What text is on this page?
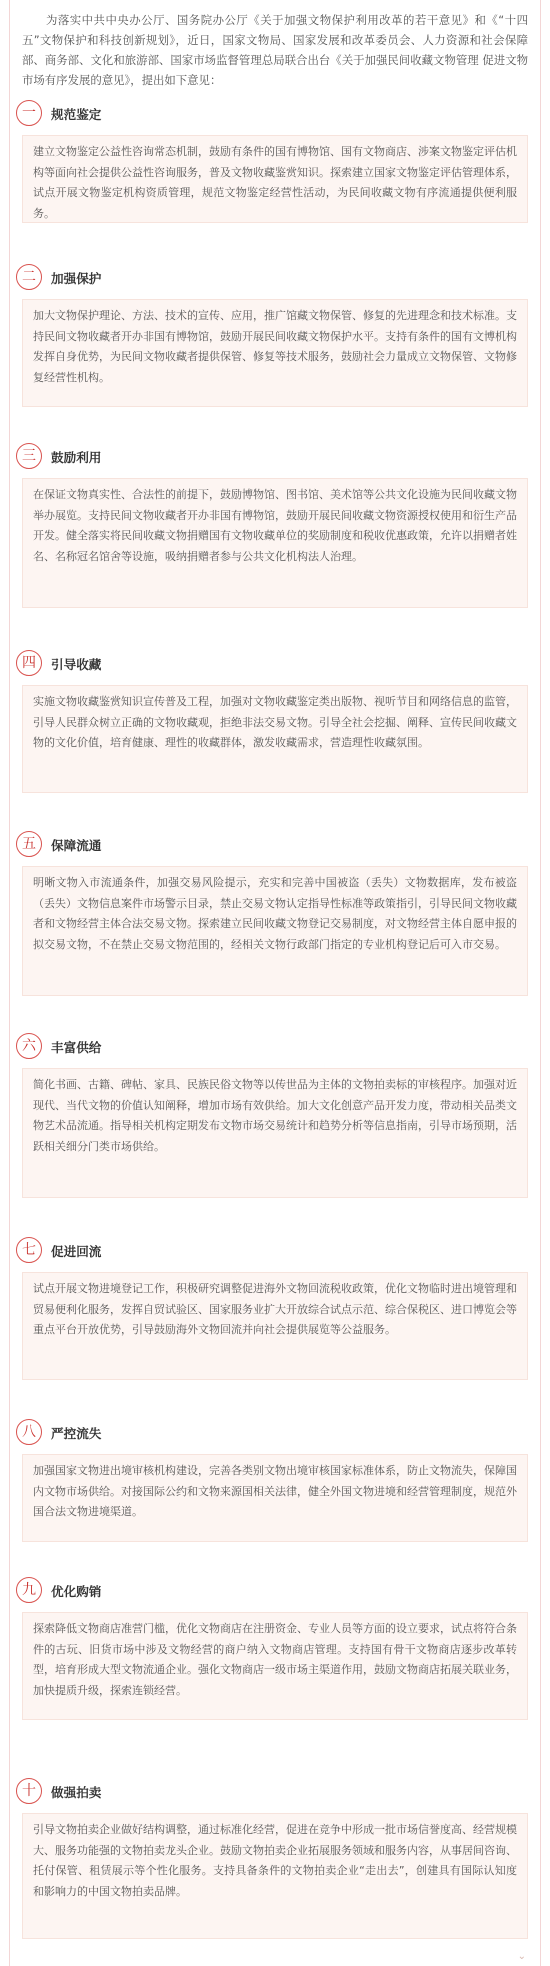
为落实中共中央办公厅、国务院办公厅《关于加强文物保护利用改革的若干意见》和《“十四五”文物保护和科技创新规划》，近日，国家文物局、国家发展和改革委员会、人力资源和社会保障部、商务部、文化和旅游部、国家市场监督管理总局联合出台《关于加强民间收藏文物管理 促进文物市场有序发展的意见》，提出如下意见：

一	规范鉴定
建立文物鉴定公益性咨询常态机制，鼓励有条件的国有博物馆、国有文物商店、涉案文物鉴定评估机构等面向社会提供公益性咨询服务，普及文物收藏鉴赏知识。探索建立国家文物鉴定评估管理体系，试点开展文物鉴定机构资质管理，规范文物鉴定经营性活动，为民间收藏文物有序流通提供便利服务。
二	加强保护
加大文物保护理论、方法、技术的宣传、应用，推广馆藏文物保管、修复的先进理念和技术标准。支持民间文物收藏者开办非国有博物馆，鼓励开展民间收藏文物保护水平。支持有条件的国有文博机构发挥自身优势，为民间文物收藏者提供保管、修复等技术服务，鼓励社会力量成立文物保管、文物修复经营性机构。
三	鼓励利用
在保证文物真实性、合法性的前提下，鼓励博物馆、图书馆、美术馆等公共文化设施为民间收藏文物举办展览。支持民间文物收藏者开办非国有博物馆，鼓励开展民间收藏文物资源授权使用和衍生产品开发。健全落实将民间收藏文物捐赠国有文物收藏单位的奖励制度和税收优惠政策，允许以捐赠者姓名、名称冠名馆舍等设施，吸纳捐赠者参与公共文化机构法人治理。
四	引导收藏
实施文物收藏鉴赏知识宣传普及工程，加强对文物收藏鉴定类出版物、视听节目和网络信息的监管，引导人民群众树立正确的文物收藏观，拒绝非法交易文物。引导全社会挖掘、阐释、宣传民间收藏文物的文化价值，培育健康、理性的收藏群体，激发收藏需求，营造理性收藏氛围。
五	保障流通
明晰文物入市流通条件，加强交易风险提示，充实和完善中国被盗（丢失）文物数据库，发布被盗（丢失）文物信息案件市场警示目录，禁止交易文物认定指导性标准等政策指引，引导民间文物收藏者和文物经营主体合法交易文物。探索建立民间收藏文物登记交易制度，对文物经营主体自愿申报的拟交易文物，不在禁止交易文物范围的，经相关文物行政部门指定的专业机构登记后可入市交易。
六	丰富供给
简化书画、古籍、碑帖、家具、民族民俗文物等以传世品为主体的文物拍卖标的审核程序。加强对近现代、当代文物的价值认知阐释，增加市场有效供给。加大文化创意产品开发力度，带动相关品类文物艺术品流通。指导相关机构定期发布文物市场交易统计和趋势分析等信息指南，引导市场预期，活跃相关细分门类市场供给。
七	促进回流
试点开展文物进境登记工作，积极研究调整促进海外文物回流税收政策，优化文物临时进出境管理和贸易便利化服务，发挥自贸试验区、国家服务业扩大开放综合试点示范、综合保税区、进口博览会等重点平台开放优势，引导鼓励海外文物回流并向社会提供展览等公益服务。
八	严控流失
加强国家文物进出境审核机构建设，完善各类别文物出境审核国家标准体系，防止文物流失，保障国内文物市场供给。对接国际公约和文物来源国相关法律，健全外国文物进境和经营管理制度，规范外国合法文物进境渠道。
九	优化购销
探索降低文物商店准营门槛，优化文物商店在注册资金、专业人员等方面的设立要求，试点将符合条件的古玩、旧货市场中涉及文物经营的商户纳入文物商店管理。支持国有骨干文物商店逐步改革转型，培育形成大型文物流通企业。强化文物商店一级市场主渠道作用，鼓励文物商店拓展关联业务，加快提质升级，探索连锁经营。
十	做强拍卖
引导文物拍卖企业做好结构调整，通过标准化经营，促进在竞争中形成一批市场信誉度高、经营规模大、服务功能强的文物拍卖龙头企业。鼓励文物拍卖企业拓展服务领域和服务内容，从事居间咨询、托付保管、租赁展示等个性化服务。支持具备条件的文物拍卖企业“走出去”，创建具有国际认知度和影响力的中国文物拍卖品牌。
⌄
